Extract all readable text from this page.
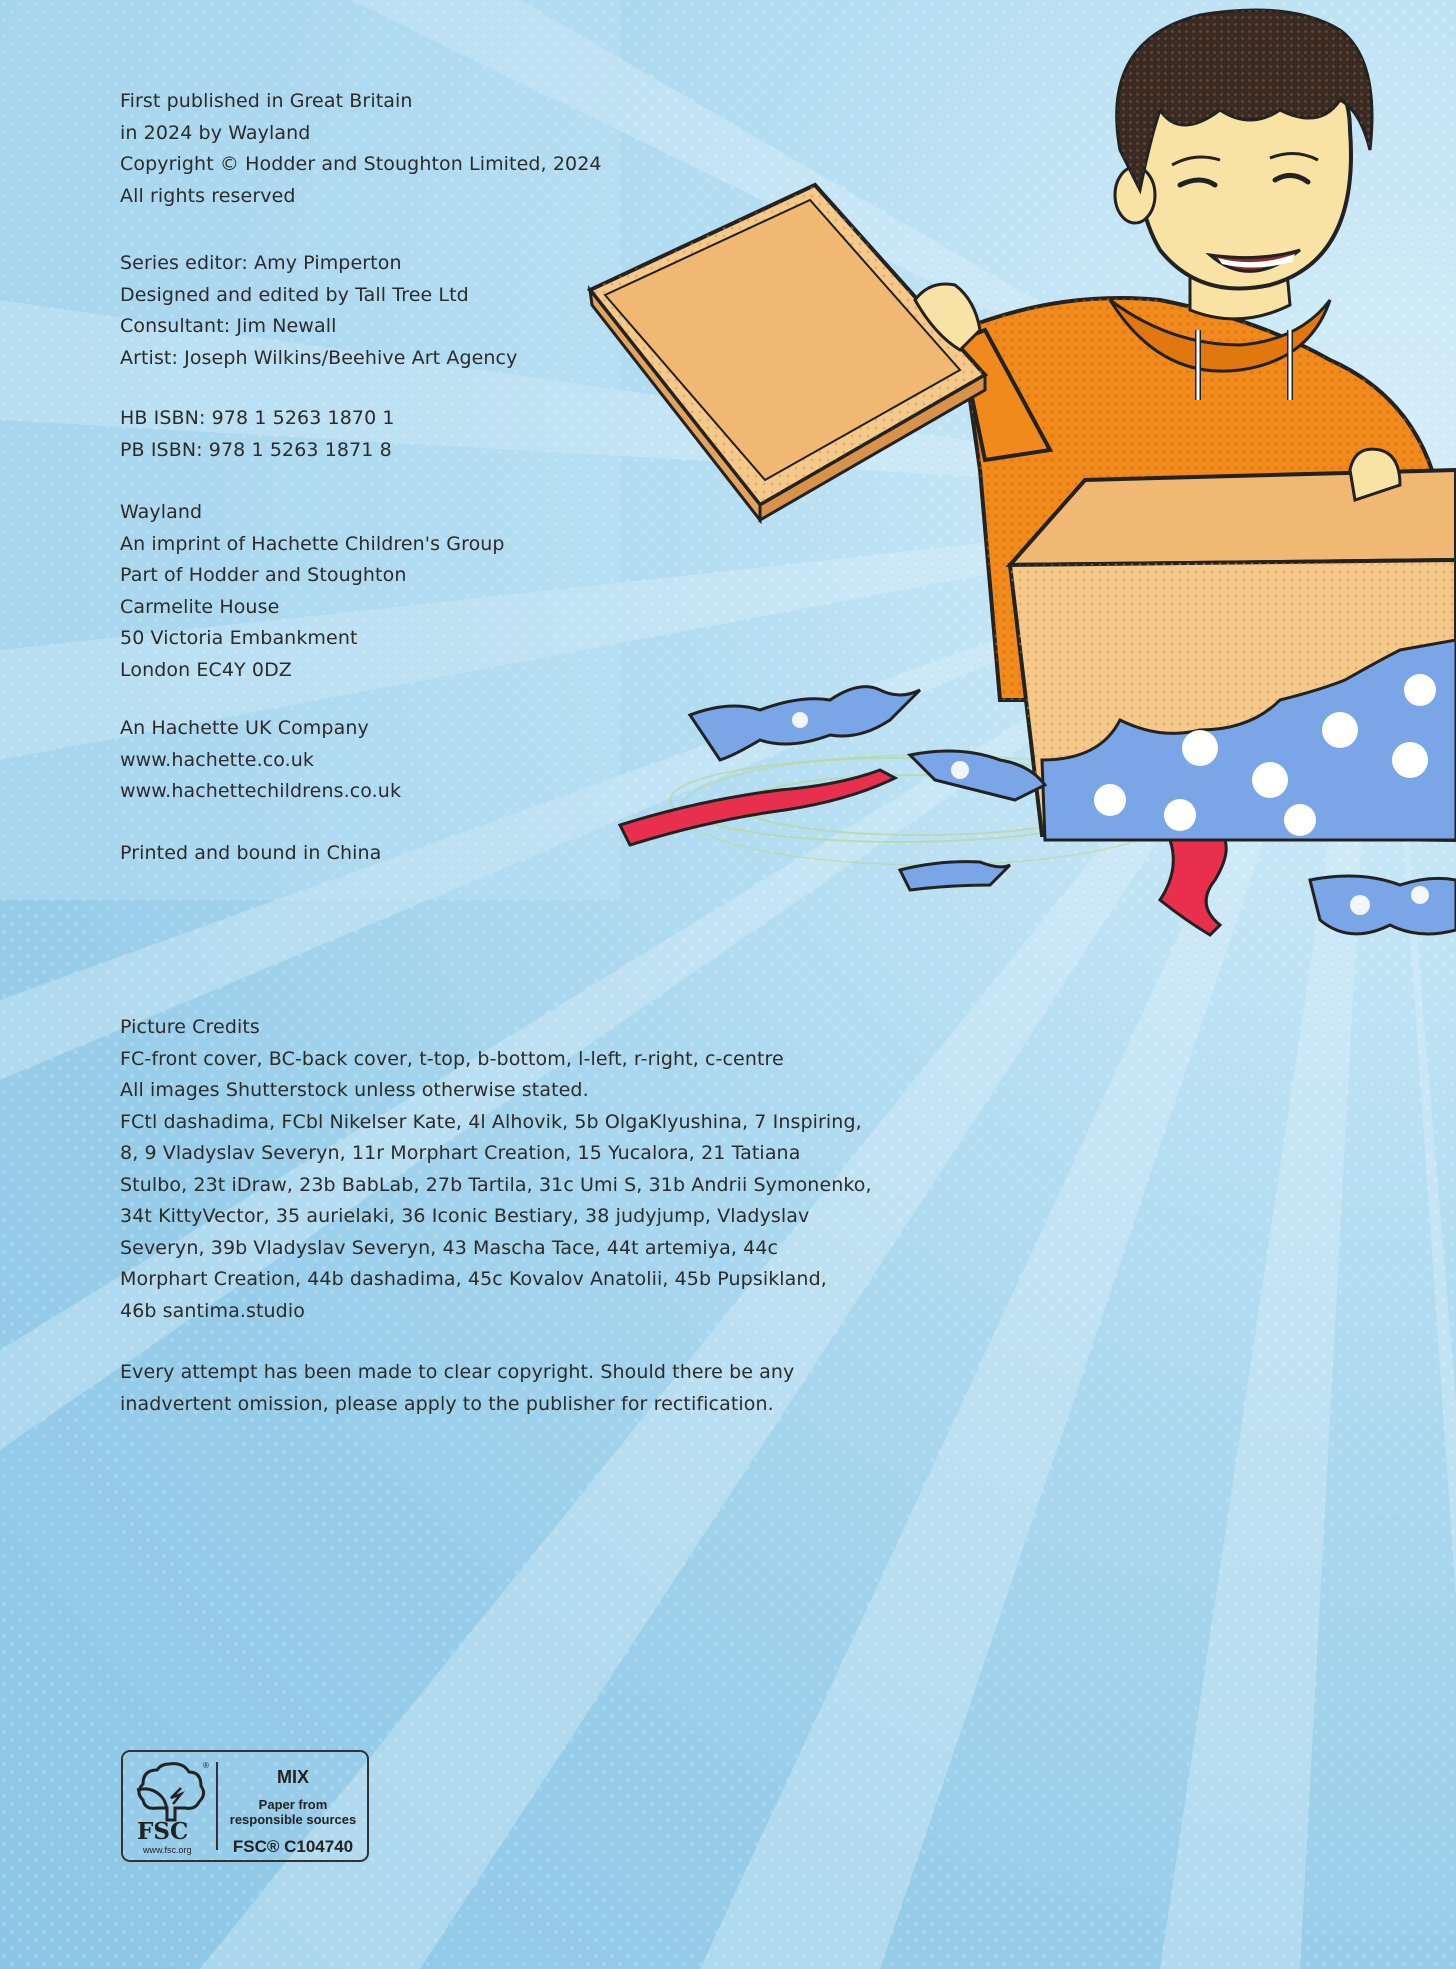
First published in Great Britain
in 2024 by Wayland
Copyright © Hodder and Stoughton Limited, 2024
All rights reserved
Series editor: Amy Pimperton
Designed and edited by Tall Tree Ltd
Consultant: Jim Newall
Artist: Joseph Wilkins/Beehive Art Agency
HB ISBN: 978 1 5263 1870 1
PB ISBN: 978 1 5263 1871 8
Wayland
An imprint of Hachette Children's Group
Part of Hodder and Stoughton
Carmelite House
50 Victoria Embankment
London EC4Y 0DZ
An Hachette UK Company
www.hachette.co.uk
www.hachettechildrens.co.uk
Printed and bound in China
Picture Credits
FC-front cover, BC-back cover, t-top, b-bottom, l-left, r-right, c-centre
All images Shutterstock unless otherwise stated.
FCtl dashadima, FCbl Nikelser Kate, 4l Alhovik, 5b OlgaKlyushina, 7 Inspiring,
8, 9 Vladyslav Severyn, 11r Morphart Creation, 15 Yucalora, 21 Tatiana
Stulbo, 23t iDraw, 23b BabLab, 27b Tartila, 31c Umi S, 31b Andrii Symonenko,
34t KittyVector, 35 aurielaki, 36 Iconic Bestiary, 38 judyjump, Vladyslav
Severyn, 39b Vladyslav Severyn, 43 Mascha Tace, 44t artemiya, 44c
Morphart Creation, 44b dashadima, 45c Kovalov Anatolii, 45b Pupsikland,
46b santima.studio
Every attempt has been made to clear copyright. Should there be any
inadvertent omission, please apply to the publisher for rectification.
®
FSC
www.fsc.org
MIX
Paper from
responsible sources
FSC® C104740
